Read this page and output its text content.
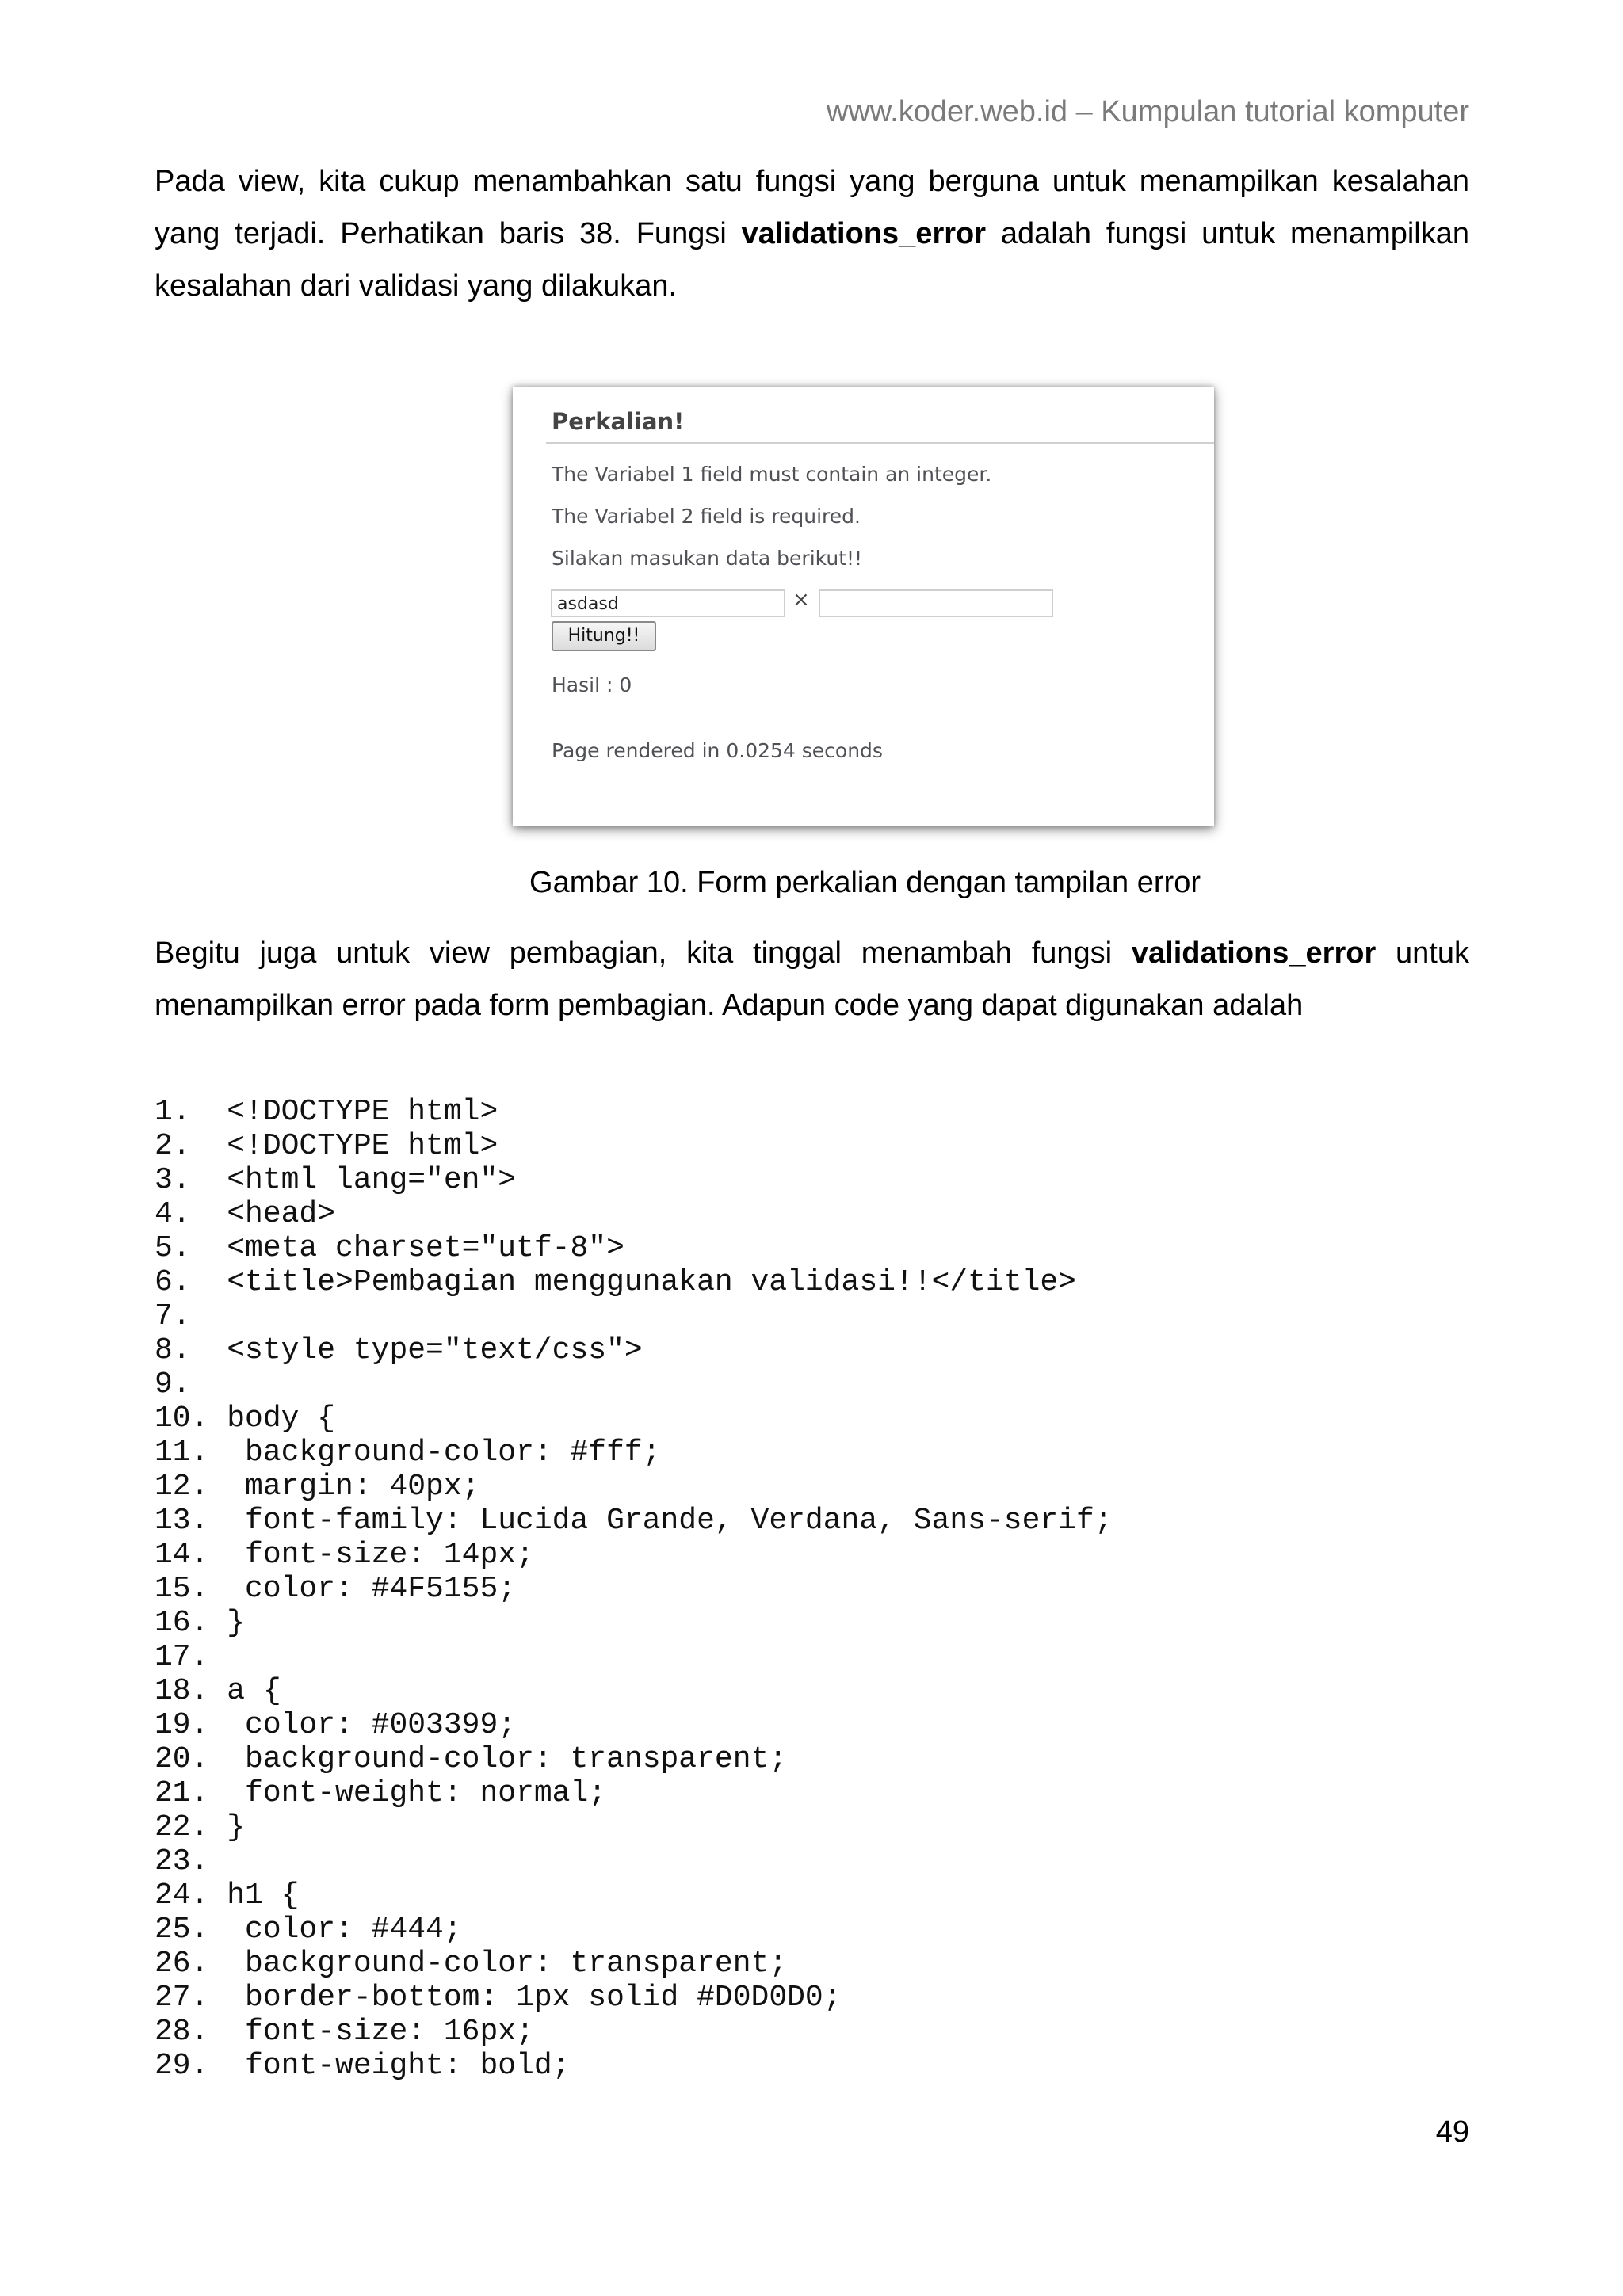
www.koder.web.id – Kumpulan tutorial komputer
Pada view, kita cukup menambahkan satu fungsi yang berguna untuk menampilkan kesalahan yang terjadi. Perhatikan baris 38. Fungsi validations_error adalah fungsi untuk menampilkan kesalahan dari validasi yang dilakukan.
Perkalian!
The Variabel 1 field must contain an integer.
The Variabel 2 field is required.
Silakan masukan data berikut!!
asdasd	×
Hitung!!
Hasil : 0
Page rendered in 0.0254 seconds
Gambar 10. Form perkalian dengan tampilan error
Begitu juga untuk view pembagian, kita tinggal menambah fungsi validations_error untuk menampilkan error pada form pembagian. Adapun code yang dapat digunakan adalah
1.  <!DOCTYPE html>
2.  <!DOCTYPE html>
3.  <html lang="en">
4.  <head>
5.  <meta charset="utf-8">
6.  <title>Pembagian menggunakan validasi!!</title>
7.
8.  <style type="text/css">
9.
10. body {
11.  background-color: #fff;
12.  margin: 40px;
13.  font-family: Lucida Grande, Verdana, Sans-serif;
14.  font-size: 14px;
15.  color: #4F5155;
16. }
17.
18. a {
19.  color: #003399;
20.  background-color: transparent;
21.  font-weight: normal;
22. }
23.
24. h1 {
25.  color: #444;
26.  background-color: transparent;
27.  border-bottom: 1px solid #D0D0D0;
28.  font-size: 16px;
29.  font-weight: bold;
49
